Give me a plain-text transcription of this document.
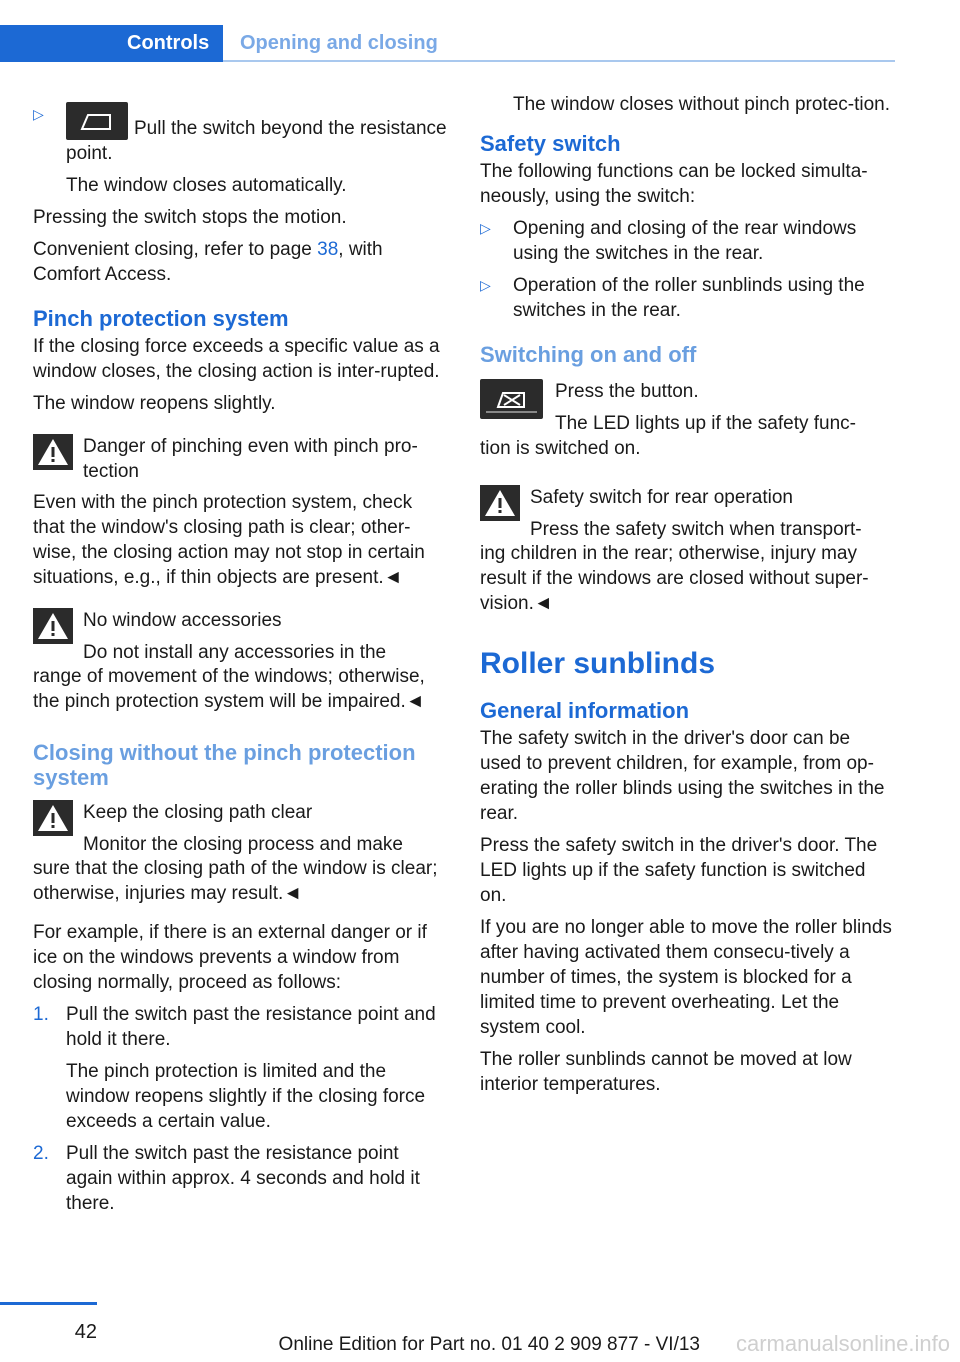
Controls	Opening and closing
▷
Pull the switch beyond the resistance point.

The window closes automatically.

Pressing the switch stops the motion.

Convenient closing, refer to page 38, with Comfort Access.

Pinch protection system

If the closing force exceeds a specific value as a window closes, the closing action is inter-rupted.

The window reopens slightly.

Danger of pinching even with pinch pro-tection

Even with the pinch protection system, check that the window's closing path is clear; other-wise, the closing action may not stop in certain situations, e.g., if thin objects are present.◄

No window accessories

Do not install any accessories in the

range of movement of the windows; otherwise, the pinch protection system will be impaired.◄

Closing without the pinch protection system

Keep the closing path clear

Monitor the closing process and make

sure that the closing path of the window is clear; otherwise, injuries may result.◄

For example, if there is an external danger or if ice on the windows prevents a window from closing normally, proceed as follows:

1. Pull the switch past the resistance point and hold it there.

The pinch protection is limited and the window reopens slightly if the closing force exceeds a certain value.

2. Pull the switch past the resistance point again within approx. 4 seconds and hold it there.

The window closes without pinch protec-tion.

Safety switch

The following functions can be locked simulta-neously, using the switch:

▷ Opening and closing of the rear windows using the switches in the rear.
▷ Operation of the roller sunblinds using the switches in the rear.
Switching on and off

Press the button.

The LED lights up if the safety func-

tion is switched on.

Safety switch for rear operation

Press the safety switch when transport-

ing children in the rear; otherwise, injury may result if the windows are closed without super-vision.◄

Roller sunblinds
General information

The safety switch in the driver's door can be used to prevent children, for example, from op-erating the roller blinds using the switches in the rear.

Press the safety switch in the driver's door. The LED lights up if the safety function is switched on.

If you are no longer able to move the roller blinds after having activated them consecu-tively a number of times, the system is blocked for a limited time to prevent overheating. Let the system cool.

The roller sunblinds cannot be moved at low interior temperatures.

42
Online Edition for Part no. 01 40 2 909 877 - VI/13 carmanualsonline.info
